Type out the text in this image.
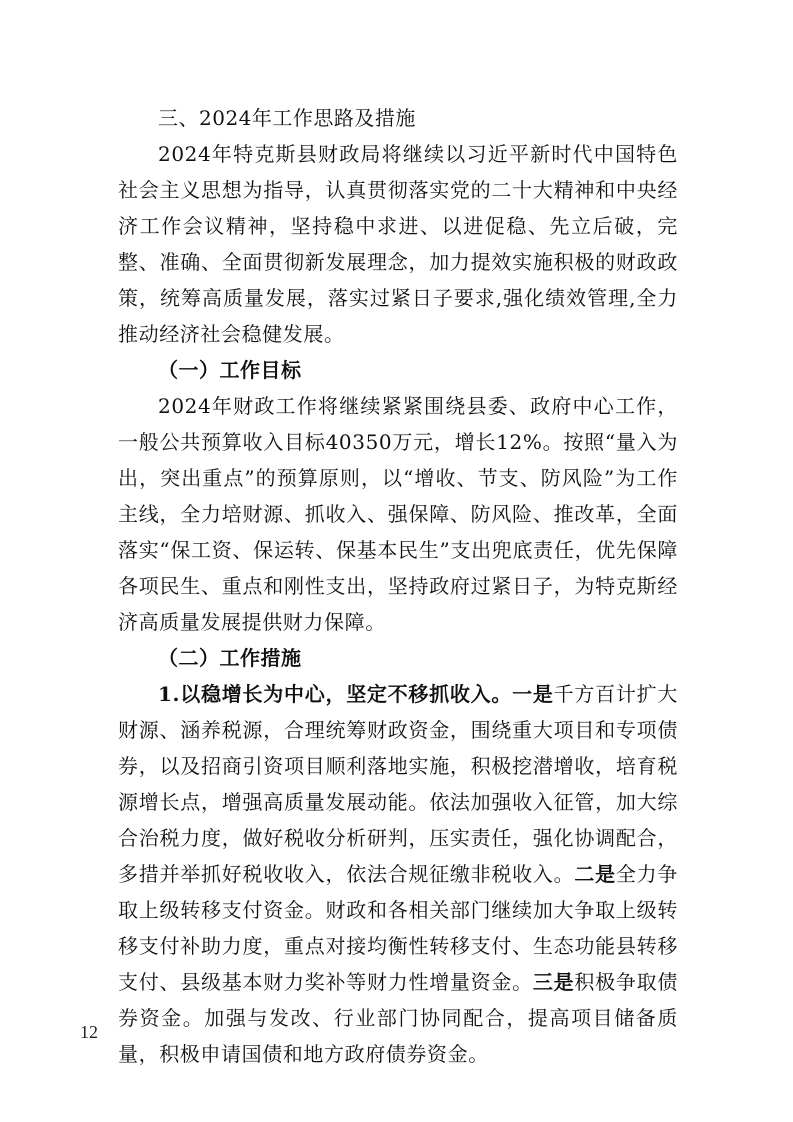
三、2024年工作思路及措施

2024年特克斯县财政局将继续以习近平新时代中国特色社会主义思想为指导，认真贯彻落实党的二十大精神和中央经济工作会议精神，坚持稳中求进、以进促稳、先立后破，完整、准确、全面贯彻新发展理念，加力提效实施积极的财政政策，统筹高质量发展，落实过紧日子要求,强化绩效管理,全力推动经济社会稳健发展。

（一）工作目标

2024年财政工作将继续紧紧围绕县委、政府中心工作，一般公共预算收入目标40350万元，增长12%。按照“量入为出，突出重点”的预算原则，以“增收、节支、防风险”为工作主线，全力培财源、抓收入、强保障、防风险、推改革，全面落实“保工资、保运转、保基本民生”支出兜底责任，优先保障各项民生、重点和刚性支出，坚持政府过紧日子，为特克斯经济高质量发展提供财力保障。

（二）工作措施

1.以稳增长为中心，坚定不移抓收入。一是千方百计扩大财源、涵养税源，合理统筹财政资金，围绕重大项目和专项债券，以及招商引资项目顺利落地实施，积极挖潜增收，培育税源增长点，增强高质量发展动能。依法加强收入征管，加大综合治税力度，做好税收分析研判，压实责任，强化协调配合，多措并举抓好税收收入，依法合规征缴非税收入。二是全力争取上级转移支付资金。财政和各相关部门继续加大争取上级转移支付补助力度，重点对接均衡性转移支付、生态功能县转移支付、县级基本财力奖补等财力性增量资金。三是积极争取债券资金。加强与发改、行业部门协同配合，提高项目储备质量，积极申请国债和地方政府债券资金。

12
